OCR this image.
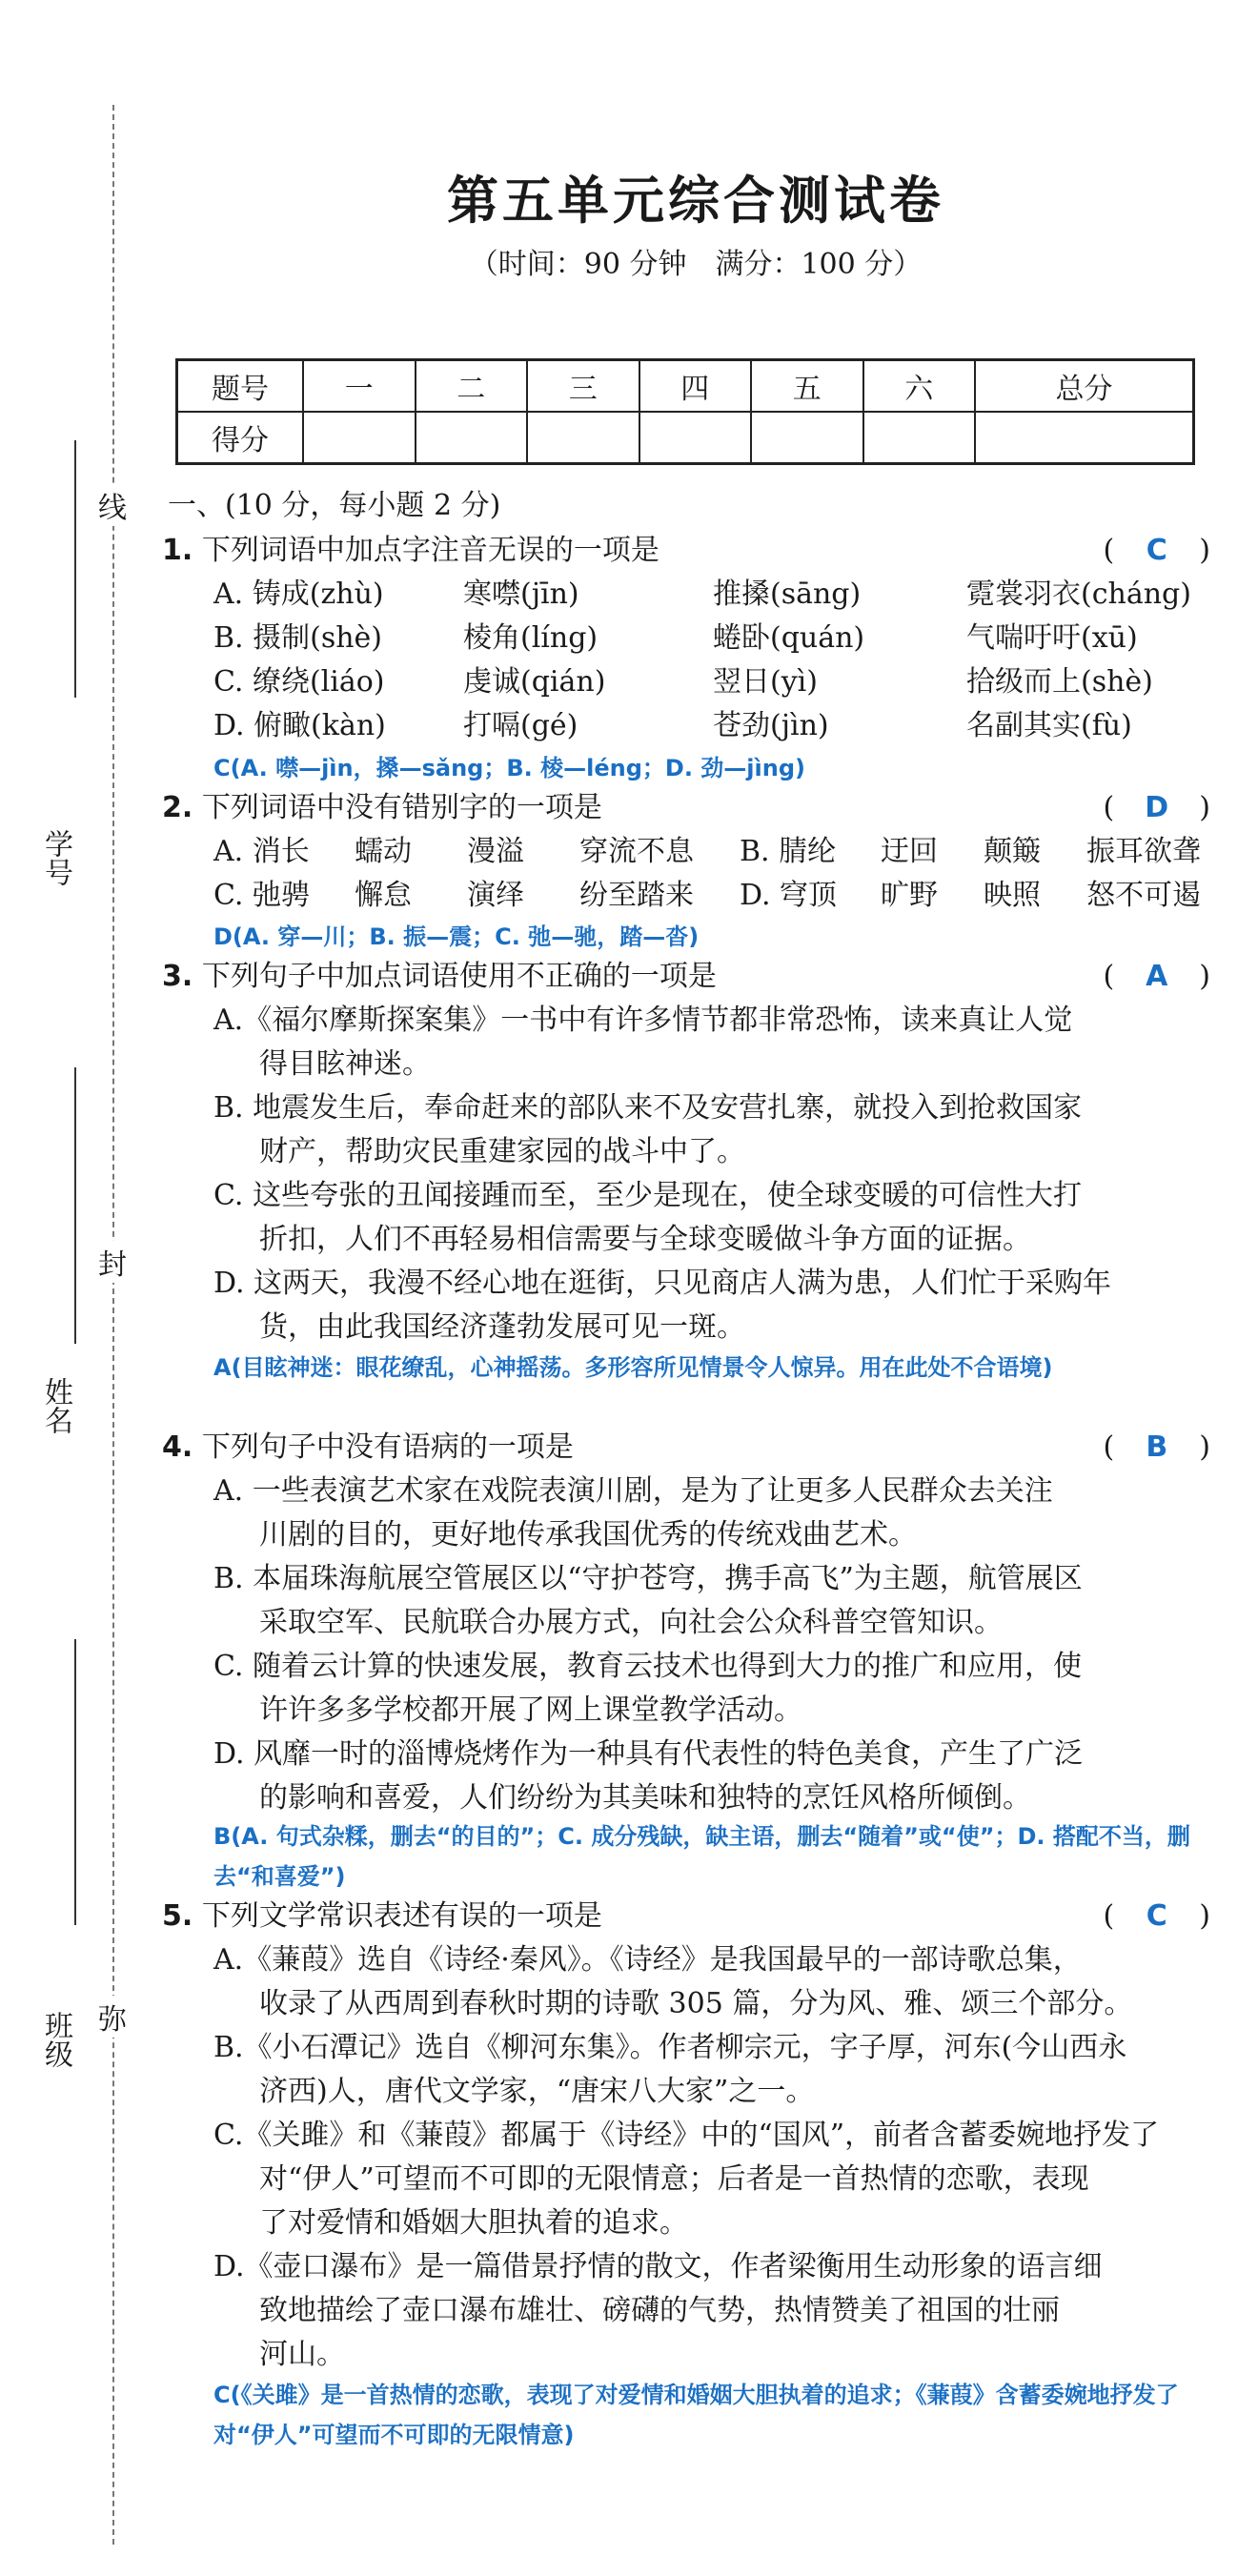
线
封
弥
学号
姓名
班级
第五单元综合测试卷
（时间：90 分钟　满分：100 分）
题号	一	二	三	四	五	六	总分
得分							
一、(10 分，每小题 2 分)
1. 下列词语中加点字注音无误的一项是	( C )
A. 铸成(zhù)	寒噤(jīn)	推搡(sāng)	霓裳羽衣(cháng)
B. 摄制(shè)	棱角(líng)	蜷卧(quán)	气喘吁吁(xū)
C. 缭绕(liáo)	虔诚(qián)	翌日(yì)	拾级而上(shè)
D. 俯瞰(kàn)	打嗝(gé)	苍劲(jìn)	名副其实(fù)
C(A. 噤—jìn，搡—sǎng；B. 棱—léng；D. 劲—jìng)
2. 下列词语中没有错别字的一项是	( D )
A. 消长	蠕动	漫溢	穿流不息	B. 腈纶	迂回	颠簸	振耳欲聋
C. 弛骋	懈怠	演绎	纷至踏来	D. 穹顶	旷野	映照	怒不可遏
D(A. 穿—川；B. 振—震；C. 弛—驰，踏—沓)
3. 下列句子中加点词语使用不正确的一项是	( A )
A.《福尔摩斯探案集》一书中有许多情节都非常恐怖，读来真让人觉
得目眩神迷。
B. 地震发生后，奉命赶来的部队来不及安营扎寨，就投入到抢救国家
财产，帮助灾民重建家园的战斗中了。
C. 这些夸张的丑闻接踵而至，至少是现在，使全球变暖的可信性大打
折扣，人们不再轻易相信需要与全球变暖做斗争方面的证据。
D. 这两天，我漫不经心地在逛街，只见商店人满为患，人们忙于采购年
货，由此我国经济蓬勃发展可见一斑。
A(目眩神迷：眼花缭乱，心神摇荡。多形容所见情景令人惊异。用在此处不合语境)
4. 下列句子中没有语病的一项是	( B )
A. 一些表演艺术家在戏院表演川剧，是为了让更多人民群众去关注
川剧的目的，更好地传承我国优秀的传统戏曲艺术。
B. 本届珠海航展空管展区以“守护苍穹，携手高飞”为主题，航管展区
采取空军、民航联合办展方式，向社会公众科普空管知识。
C. 随着云计算的快速发展，教育云技术也得到大力的推广和应用，使
许许多多学校都开展了网上课堂教学活动。
D. 风靡一时的淄博烧烤作为一种具有代表性的特色美食，产生了广泛
的影响和喜爱，人们纷纷为其美味和独特的烹饪风格所倾倒。
B(A. 句式杂糅，删去“的目的”；C. 成分残缺，缺主语，删去“随着”或“使”；D. 搭配不当，删去“和喜爱”)
5. 下列文学常识表述有误的一项是	( C )
A.《蒹葭》选自《诗经·秦风》。《诗经》是我国最早的一部诗歌总集，
收录了从西周到春秋时期的诗歌 305 篇，分为风、雅、颂三个部分。
B.《小石潭记》选自《柳河东集》。作者柳宗元，字子厚，河东(今山西永
济西)人，唐代文学家，“唐宋八大家”之一。
C.《关雎》和《蒹葭》都属于《诗经》中的“国风”，前者含蓄委婉地抒发了
对“伊人”可望而不可即的无限情意；后者是一首热情的恋歌，表现
了对爱情和婚姻大胆执着的追求。
D.《壶口瀑布》是一篇借景抒情的散文，作者梁衡用生动形象的语言细
致地描绘了壶口瀑布雄壮、磅礴的气势，热情赞美了祖国的壮丽
河山。
C(《关雎》是一首热情的恋歌，表现了对爱情和婚姻大胆执着的追求；《蒹葭》含蓄委婉地抒发了对“伊人”可望而不可即的无限情意)
